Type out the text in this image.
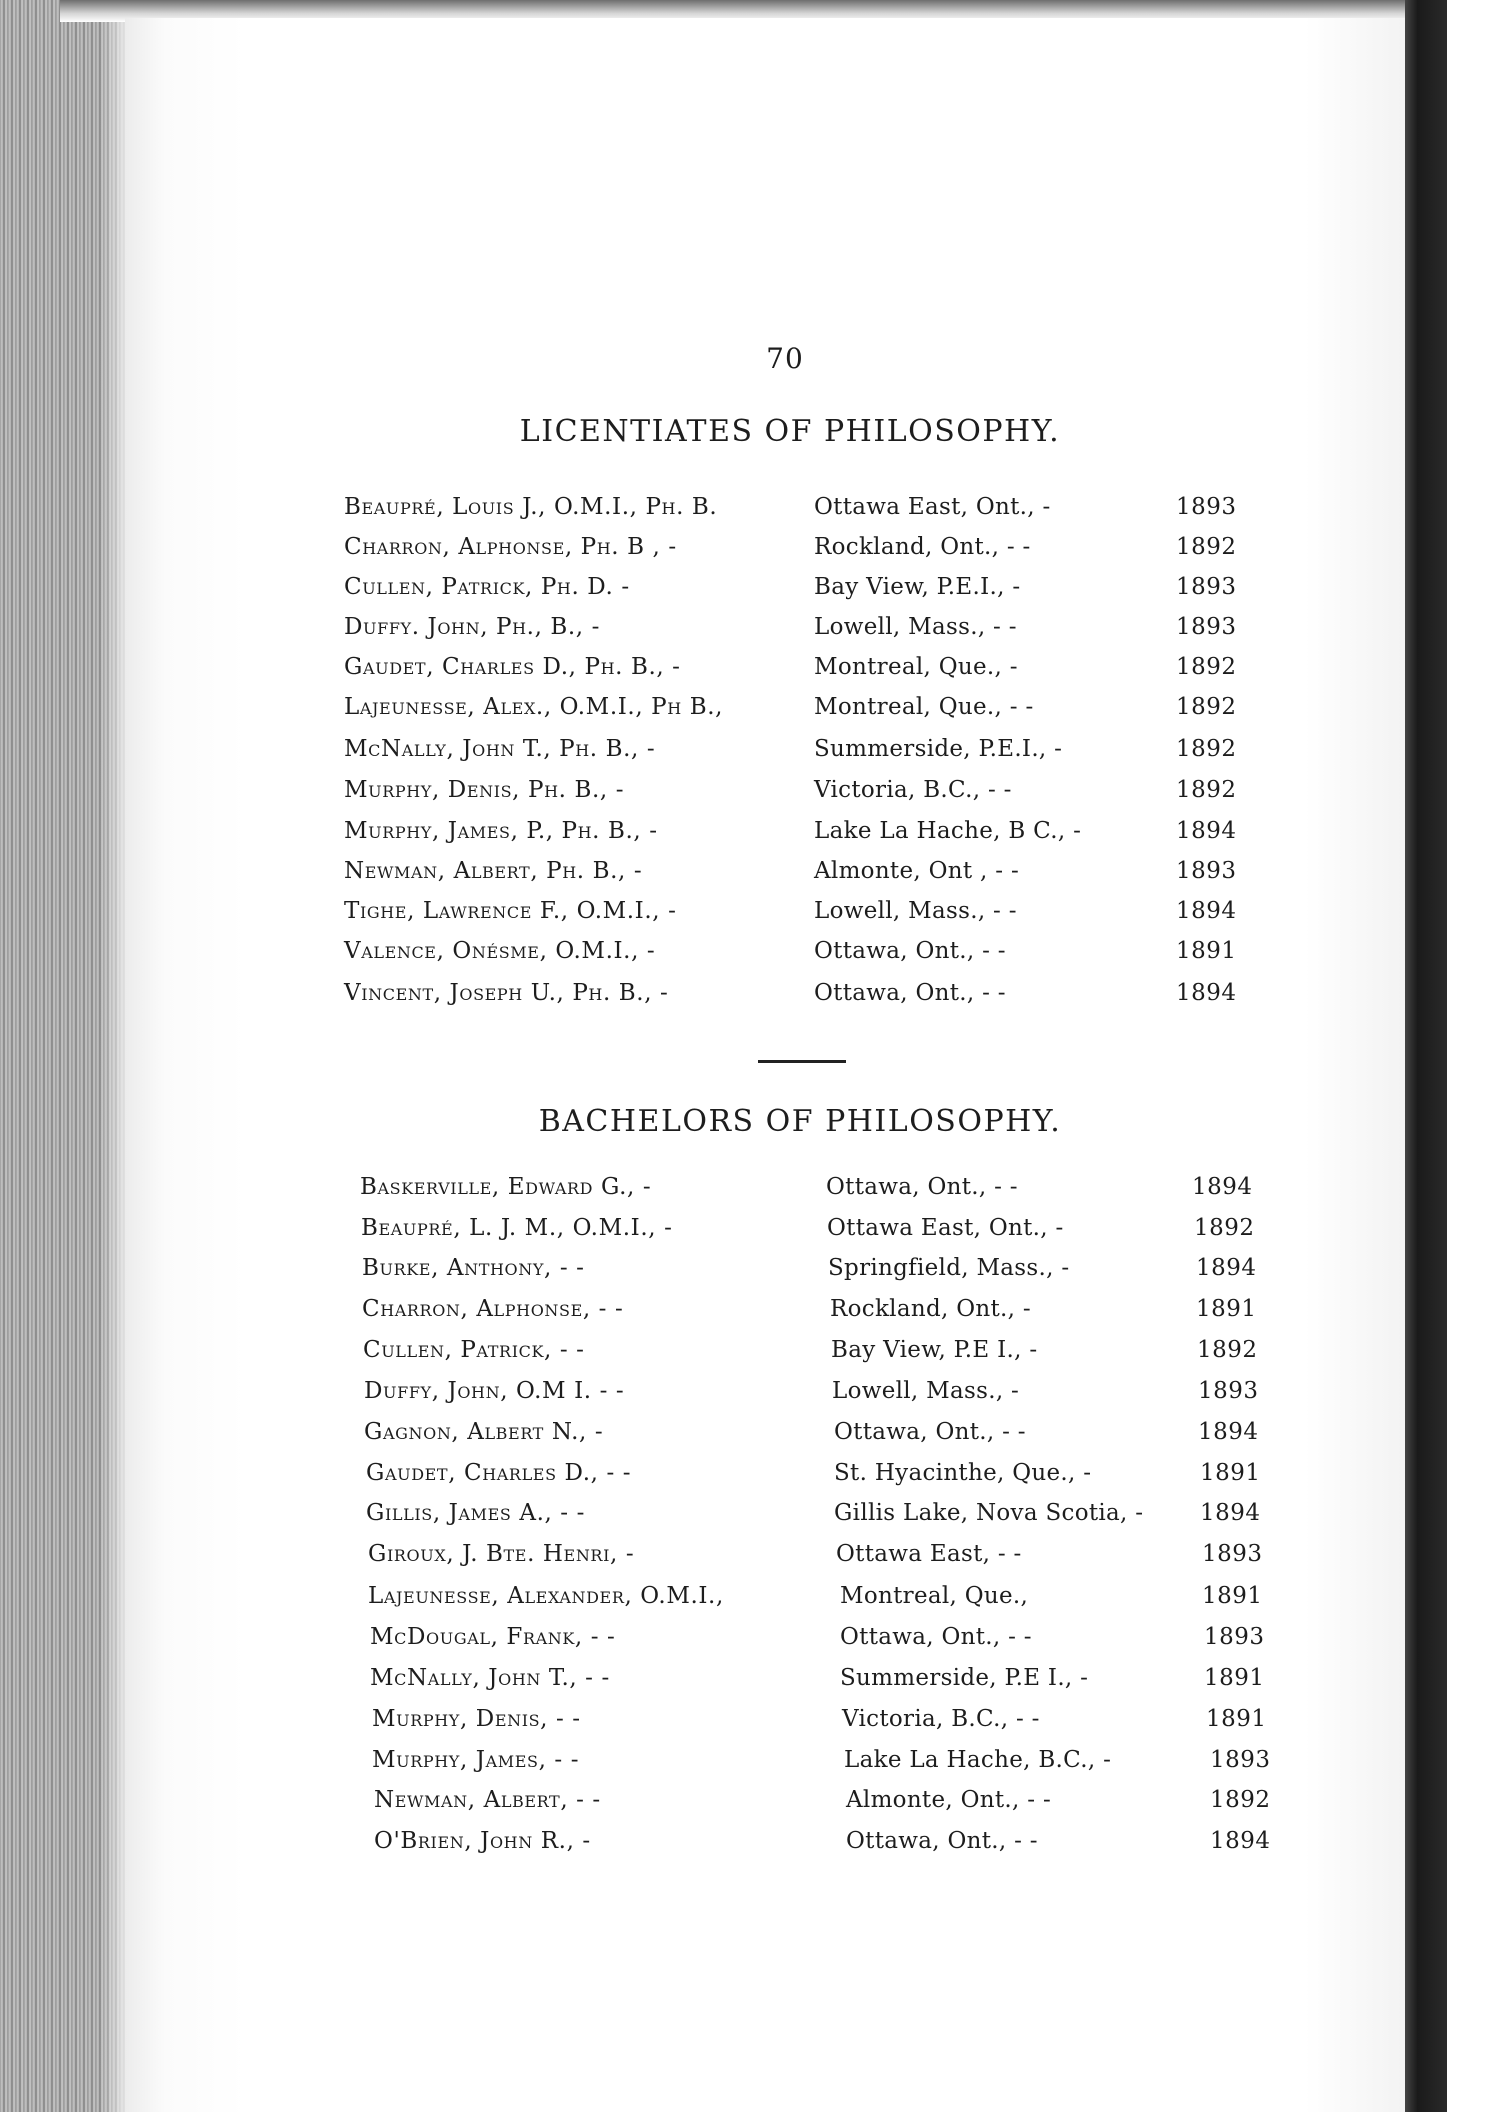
70
LICENTIATES OF PHILOSOPHY.
Beaupré, Louis J., O.M.I., Ph. B.	Ottawa East, Ont., -	1893
Charron, Alphonse, Ph. B , -	Rockland, Ont., - -	1892
Cullen, Patrick, Ph. D. -	Bay View, P.E.I., -	1893
Duffy. John, Ph., B., -	Lowell, Mass., - -	1893
Gaudet, Charles D., Ph. B., -	Montreal, Que., -	1892
Lajeunesse, Alex., O.M.I., Ph B.,	Montreal, Que., - -	1892
McNally, John T., Ph. B., -	Summerside, P.E.I., -	1892
Murphy, Denis, Ph. B., -	Victoria, B.C., - -	1892
Murphy, James, P., Ph. B., -	Lake La Hache, B C., -	1894
Newman, Albert, Ph. B., -	Almonte, Ont , - -	1893
Tighe, Lawrence F., O.M.I., -	Lowell, Mass., - -	1894
Valence, Onésme, O.M.I., -	Ottawa, Ont., - -	1891
Vincent, Joseph U., Ph. B., -	Ottawa, Ont., - -	1894
BACHELORS OF PHILOSOPHY.
Baskerville, Edward G., -	Ottawa, Ont., - -	1894
Beaupré, L. J. M., O.M.I., -	Ottawa East, Ont., -	1892
Burke, Anthony, - -	Springfield, Mass., -	1894
Charron, Alphonse, - -	Rockland, Ont., -	1891
Cullen, Patrick, - -	Bay View, P.E I., -	1892
Duffy, John, O.M I. - -	Lowell, Mass., -	1893
Gagnon, Albert N., -	Ottawa, Ont., - -	1894
Gaudet, Charles D., - -	St. Hyacinthe, Que., -	1891
Gillis, James A., - -	Gillis Lake, Nova Scotia, - 1894
Giroux, J. Bte. Henri, -	Ottawa East, - -	1893
Lajeunesse, Alexander, O.M.I.,	Montreal, Que.,	1891
McDougal, Frank, - -	Ottawa, Ont., - -	1893
McNally, John T., - -	Summerside, P.E I., -	1891
Murphy, Denis, - -	Victoria, B.C., - -	1891
Murphy, James, - -	Lake La Hache, B.C., -	1893
Newman, Albert, - -	Almonte, Ont., - -	1892
O'Brien, John R., -	Ottawa, Ont., - -	1894
